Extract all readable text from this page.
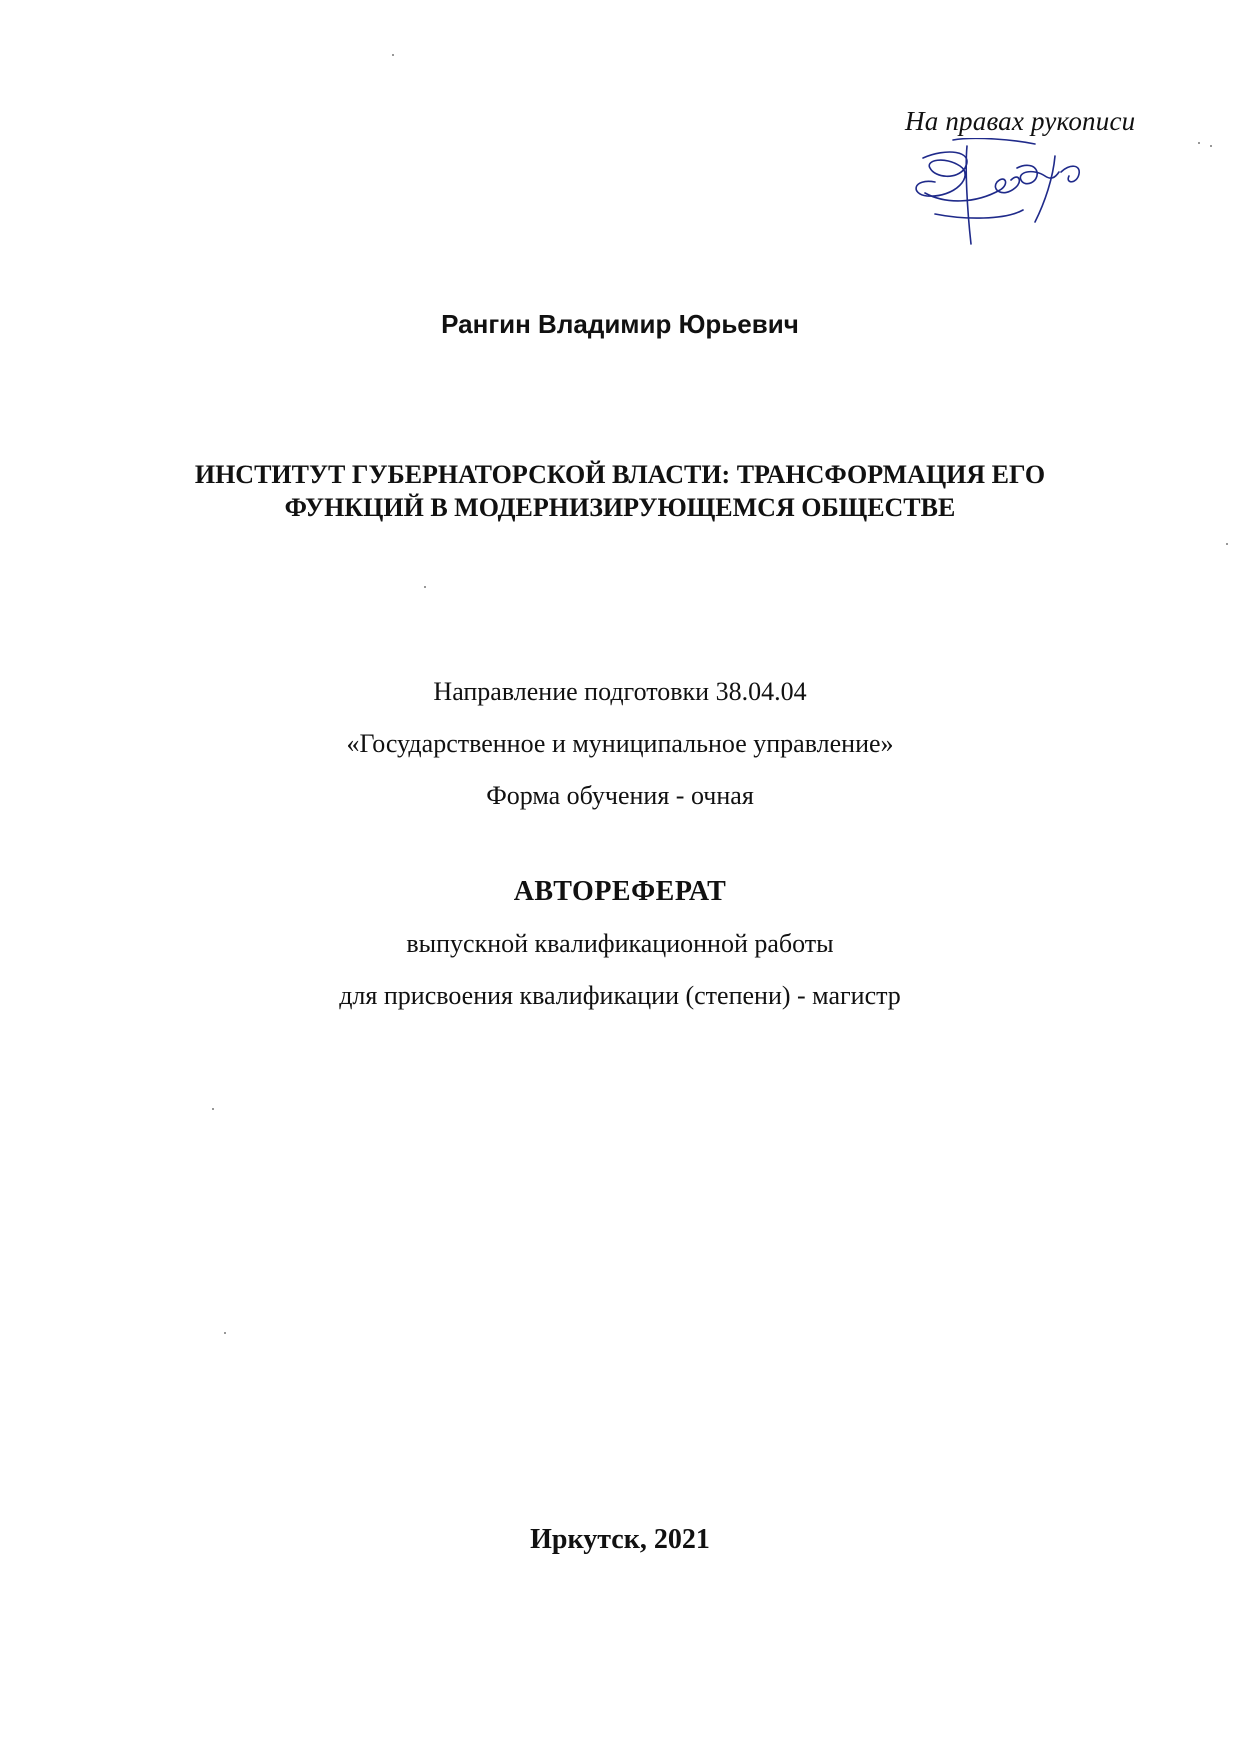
На правах рукописи
Рангин Владимир Юрьевич
ИНСТИТУТ ГУБЕРНАТОРСКОЙ ВЛАСТИ: ТРАНСФОРМАЦИЯ ЕГО
ФУНКЦИЙ В МОДЕРНИЗИРУЮЩЕМСЯ ОБЩЕСТВЕ
Направление подготовки 38.04.04
«Государственное и муниципальное управление»
Форма обучения - очная
АВТОРЕФЕРАТ
выпускной квалификационной работы
для присвоения квалификации (степени) - магистр
Иркутск, 2021
